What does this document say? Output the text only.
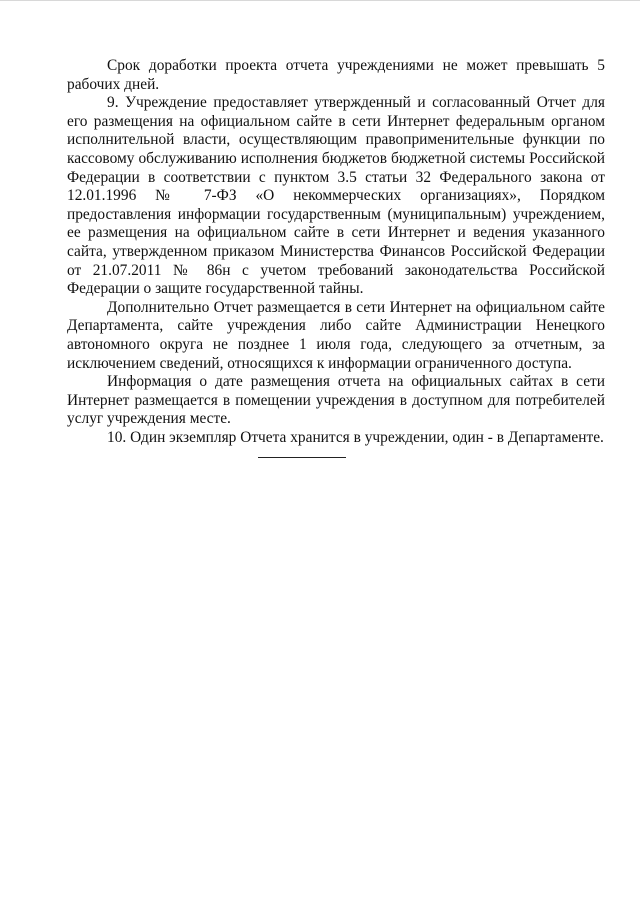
Срок доработки проекта отчета учреждениями не может превышать 5 рабочих дней.

9. Учреждение предоставляет утвержденный и согласованный Отчет для его размещения на официальном сайте в сети Интернет федеральным органом исполнительной власти, осуществляющим правоприменительные функции по кассовому обслуживанию исполнения бюджетов бюджетной системы Российской Федерации в соответствии с пунктом 3.5 статьи 32 Федерального закона от 12.01.1996 № 7-ФЗ «О некоммерческих организациях», Порядком предоставления информации государственным (муниципальным) учреждением, ее размещения на официальном сайте в сети Интернет и ведения указанного сайта, утвержденном приказом Министерства Финансов Российской Федерации от 21.07.2011 № 86н с учетом требований законодательства Российской Федерации о защите государственной тайны.

Дополнительно Отчет размещается в сети Интернет на официальном сайте Департамента, сайте учреждения либо сайте Администрации Ненецкого автономного округа не позднее 1 июля года, следующего за отчетным, за исключением сведений, относящихся к информации ограниченного доступа.

Информация о дате размещения отчета на официальных сайтах в сети Интернет размещается в помещении учреждения в доступном для потребителей услуг учреждения месте.

10. Один экземпляр Отчета хранится в учреждении, один - в Департаменте.
